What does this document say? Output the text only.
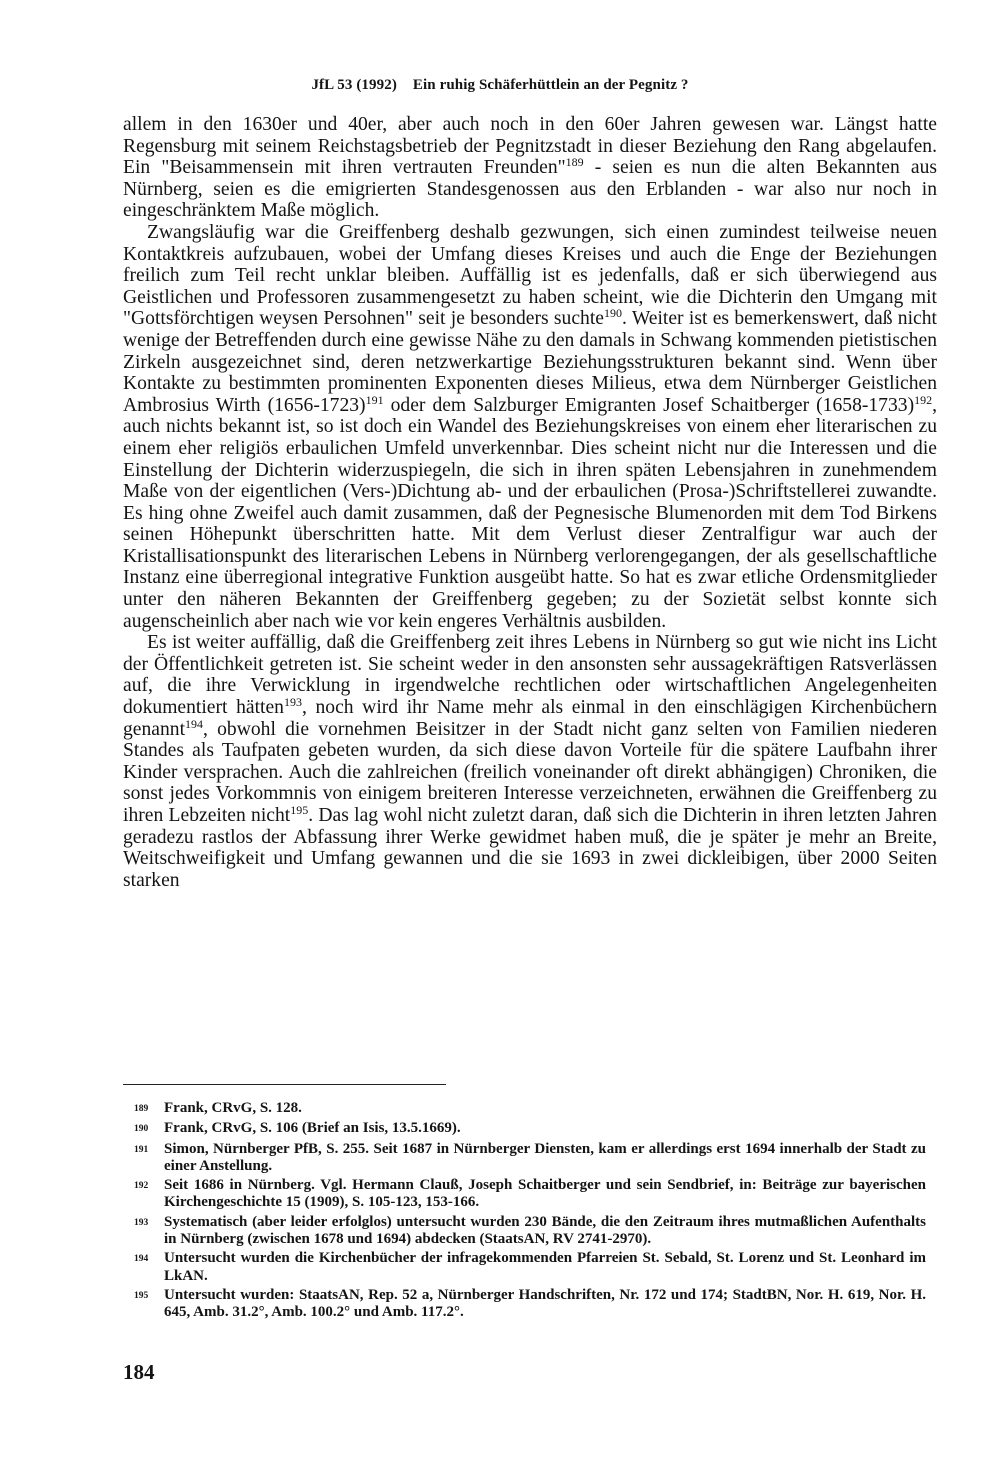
JfL 53 (1992) Ein ruhig Schäferhüttlein an der Pegnitz ?

allem in den 1630er und 40er, aber auch noch in den 60er Jahren gewesen war. Längst hatte Regensburg mit seinem Reichstagsbetrieb der Pegnitzstadt in dieser Beziehung den Rang abgelaufen. Ein "Beisammensein mit ihren vertrauten Freunden"$^{189}$ - seien es nun die alten Bekannten aus Nürnberg, seien es die emigrierten Standesgenossen aus den Erblanden - war also nur noch in eingeschränktem Maße möglich.

Zwangsläufig war die Greiffenberg deshalb gezwungen, sich einen zumindest teilweise neuen Kontaktkreis aufzubauen, wobei der Umfang dieses Kreises und auch die Enge der Beziehungen freilich zum Teil recht unklar bleiben. Auffällig ist es jedenfalls, daß er sich überwiegend aus Geistlichen und Professoren zusammengesetzt zu haben scheint, wie die Dichterin den Umgang mit "Gottsförchtigen weysen Persohnen" seit je besonders suchte$^{190}$. Weiter ist es bemerkenswert, daß nicht wenige der Betreffenden durch eine gewisse Nähe zu den damals in Schwang kommenden pietistischen Zirkeln ausgezeichnet sind, deren netzwerkartige Beziehungsstrukturen bekannt sind. Wenn über Kontakte zu bestimmten prominenten Exponenten dieses Milieus, etwa dem Nürnberger Geistlichen Ambrosius Wirth (1656-1723)$^{191}$ oder dem Salzburger Emigranten Josef Schaitberger (1658-1733)$^{192}$, auch nichts bekannt ist, so ist doch ein Wandel des Beziehungskreises von einem eher literarischen zu einem eher religiös erbaulichen Umfeld unverkennbar. Dies scheint nicht nur die Interessen und die Einstellung der Dichterin widerzuspiegeln, die sich in ihren späten Lebensjahren in zunehmendem Maße von der eigentlichen (Vers-)Dichtung ab- und der erbaulichen (Prosa-)Schriftstellerei zuwandte. Es hing ohne Zweifel auch damit zusammen, daß der Pegnesische Blumenorden mit dem Tod Birkens seinen Höhepunkt überschritten hatte. Mit dem Verlust dieser Zentralfigur war auch der Kristallisationspunkt des literarischen Lebens in Nürnberg verlorengegangen, der als gesellschaftliche Instanz eine überregional integrative Funktion ausgeübt hatte. So hat es zwar etliche Ordensmitglieder unter den näheren Bekannten der Greiffenberg gegeben; zu der Sozietät selbst konnte sich augenscheinlich aber nach wie vor kein engeres Verhältnis ausbilden.

Es ist weiter auffällig, daß die Greiffenberg zeit ihres Lebens in Nürnberg so gut wie nicht ins Licht der Öffentlichkeit getreten ist. Sie scheint weder in den ansonsten sehr aussagekräftigen Ratsverlässen auf, die ihre Verwicklung in irgendwelche rechtlichen oder wirtschaftlichen Angelegenheiten dokumentiert hätten$^{193}$, noch wird ihr Name mehr als einmal in den einschlägigen Kirchenbüchern genannt$^{194}$, obwohl die vornehmen Beisitzer in der Stadt nicht ganz selten von Familien niederen Standes als Taufpaten gebeten wurden, da sich diese davon Vorteile für die spätere Laufbahn ihrer Kinder versprachen. Auch die zahlreichen (freilich voneinander oft direkt abhängigen) Chroniken, die sonst jedes Vorkommnis von einigem breiteren Interesse verzeichneten, erwähnen die Greiffenberg zu ihren Lebzeiten nicht$^{195}$. Das lag wohl nicht zuletzt daran, daß sich die Dichterin in ihren letzten Jahren geradezu rastlos der Abfassung ihrer Werke gewidmet haben muß, die je später je mehr an Breite, Weitschweifigkeit und Umfang gewannen und die sie 1693 in zwei dickleibigen, über 2000 Seiten starken

189	Frank, CRvG, S. 128.
190	Frank, CRvG, S. 106 (Brief an Isis, 13.5.1669).
191	Simon, Nürnberger PfB, S. 255. Seit 1687 in Nürnberger Diensten, kam er allerdings erst 1694 innerhalb der Stadt zu einer Anstellung.
192	Seit 1686 in Nürnberg. Vgl. Hermann Clauß, Joseph Schaitberger und sein Sendbrief, in: Beiträge zur bayerischen Kirchengeschichte 15 (1909), S. 105-123, 153-166.
193	Systematisch (aber leider erfolglos) untersucht wurden 230 Bände, die den Zeitraum ihres mutmaßlichen Aufenthalts in Nürnberg (zwischen 1678 und 1694) abdecken (StaatsAN, RV 2741-2970).
194	Untersucht wurden die Kirchenbücher der infragekommenden Pfarreien St. Sebald, St. Lorenz und St. Leonhard im LkAN.
195	Untersucht wurden: StaatsAN, Rep. 52 a, Nürnberger Handschriften, Nr. 172 und 174; StadtBN, Nor. H. 619, Nor. H. 645, Amb. 31.2°, Amb. 100.2° und Amb. 117.2°.
184
